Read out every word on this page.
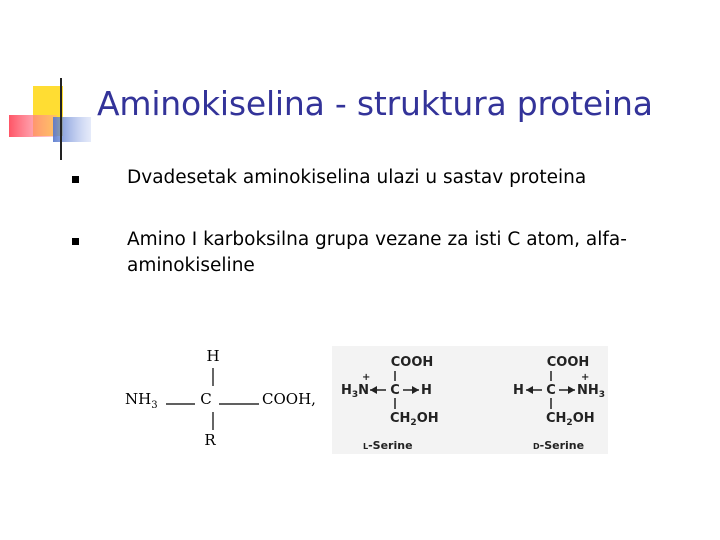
Aminokiselina - struktura proteina
Dvadesetak aminokiselina ulazi u sastav proteina
Amino I karboksilna grupa vezane za isti C atom, alfa-aminokiseline
H
$NH_3$	C	COOH,
R
COOH
+
$H_3N$ C H
$CH_2OH$
L-Serine
COOH
H C
+
$NH_3$
$CH_2OH$
D-Serine
